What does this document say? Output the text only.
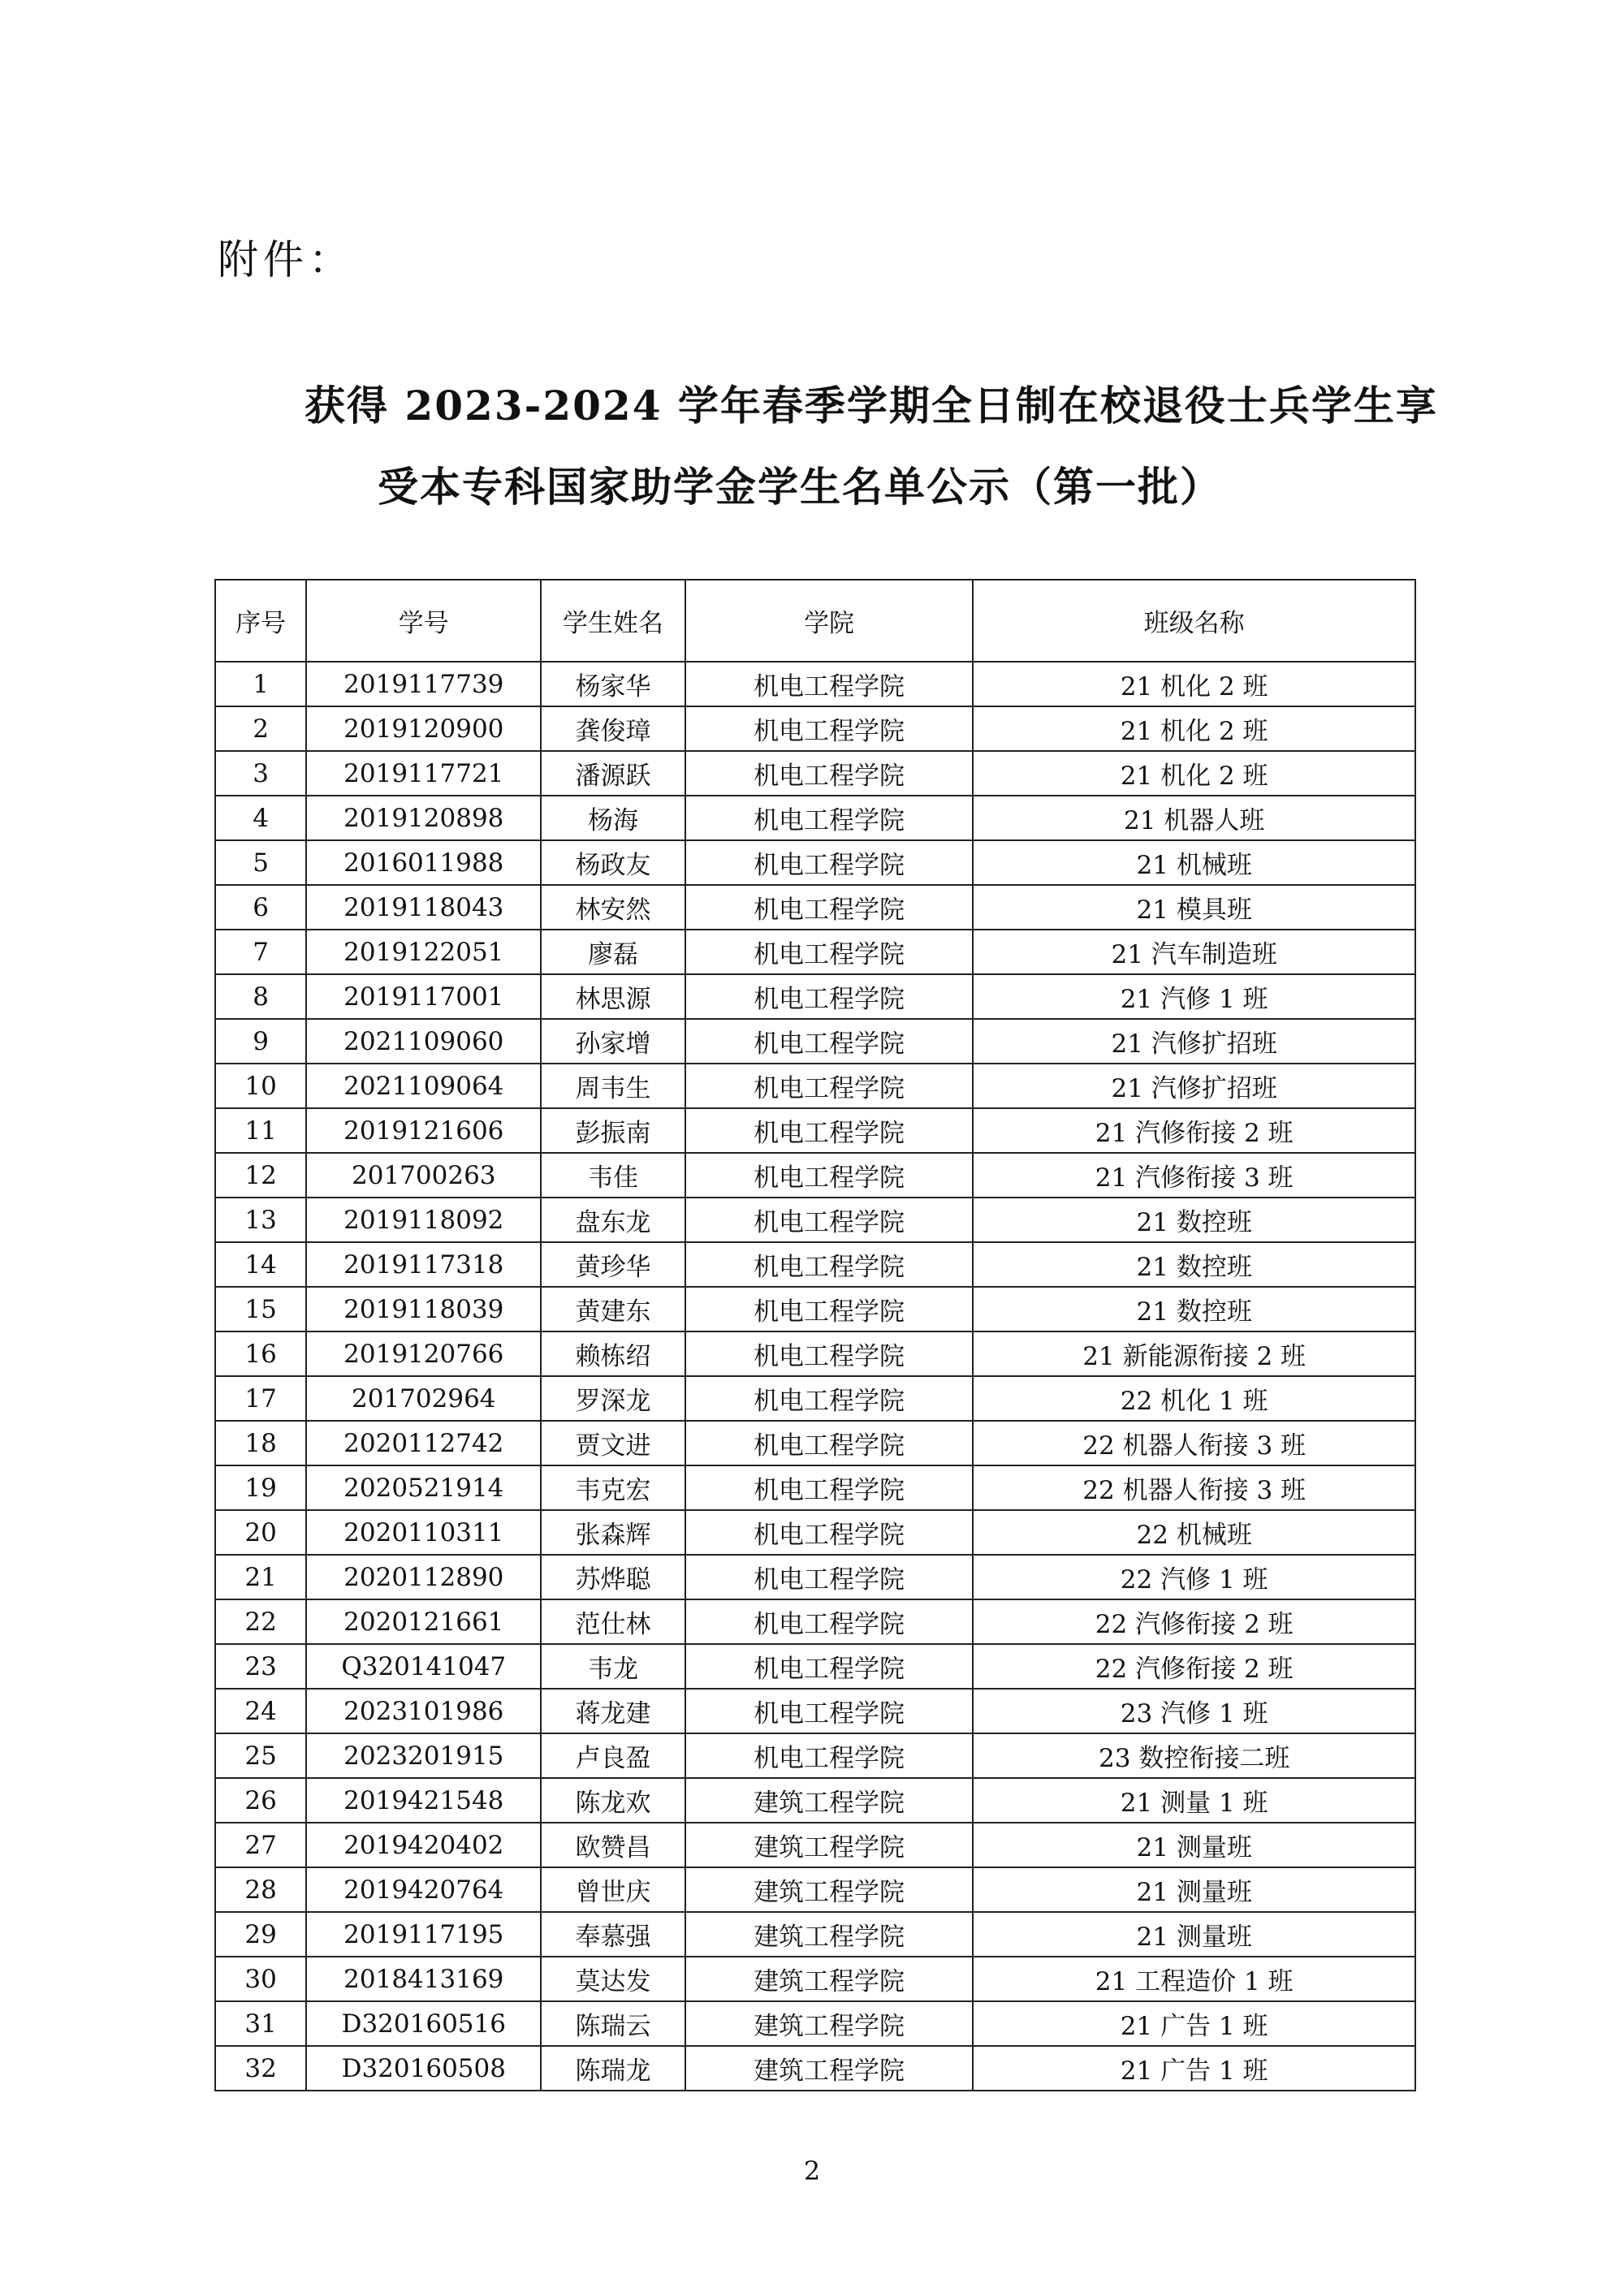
附件：
获得 2023-2024 学年春季学期全日制在校退役士兵学生享
受本专科国家助学金学生名单公示（第一批）
序号	学号	学生姓名	学院	班级名称
1	2019117739	杨家华	机电工程学院	21 机化 2 班
2	2019120900	龚俊璋	机电工程学院	21 机化 2 班
3	2019117721	潘源跃	机电工程学院	21 机化 2 班
4	2019120898	杨海	机电工程学院	21 机器人班
5	2016011988	杨政友	机电工程学院	21 机械班
6	2019118043	林安然	机电工程学院	21 模具班
7	2019122051	廖磊	机电工程学院	21 汽车制造班
8	2019117001	林思源	机电工程学院	21 汽修 1 班
9	2021109060	孙家增	机电工程学院	21 汽修扩招班
10	2021109064	周韦生	机电工程学院	21 汽修扩招班
11	2019121606	彭振南	机电工程学院	21 汽修衔接 2 班
12	201700263	韦佳	机电工程学院	21 汽修衔接 3 班
13	2019118092	盘东龙	机电工程学院	21 数控班
14	2019117318	黄珍华	机电工程学院	21 数控班
15	2019118039	黄建东	机电工程学院	21 数控班
16	2019120766	赖栋绍	机电工程学院	21 新能源衔接 2 班
17	201702964	罗深龙	机电工程学院	22 机化 1 班
18	2020112742	贾文进	机电工程学院	22 机器人衔接 3 班
19	2020521914	韦克宏	机电工程学院	22 机器人衔接 3 班
20	2020110311	张森辉	机电工程学院	22 机械班
21	2020112890	苏烨聪	机电工程学院	22 汽修 1 班
22	2020121661	范仕林	机电工程学院	22 汽修衔接 2 班
23	Q320141047	韦龙	机电工程学院	22 汽修衔接 2 班
24	2023101986	蒋龙建	机电工程学院	23 汽修 1 班
25	2023201915	卢良盈	机电工程学院	23 数控衔接二班
26	2019421548	陈龙欢	建筑工程学院	21 测量 1 班
27	2019420402	欧赞昌	建筑工程学院	21 测量班
28	2019420764	曾世庆	建筑工程学院	21 测量班
29	2019117195	奉慕强	建筑工程学院	21 测量班
30	2018413169	莫达发	建筑工程学院	21 工程造价 1 班
31	D320160516	陈瑞云	建筑工程学院	21 广告 1 班
32	D320160508	陈瑞龙	建筑工程学院	21 广告 1 班
2
